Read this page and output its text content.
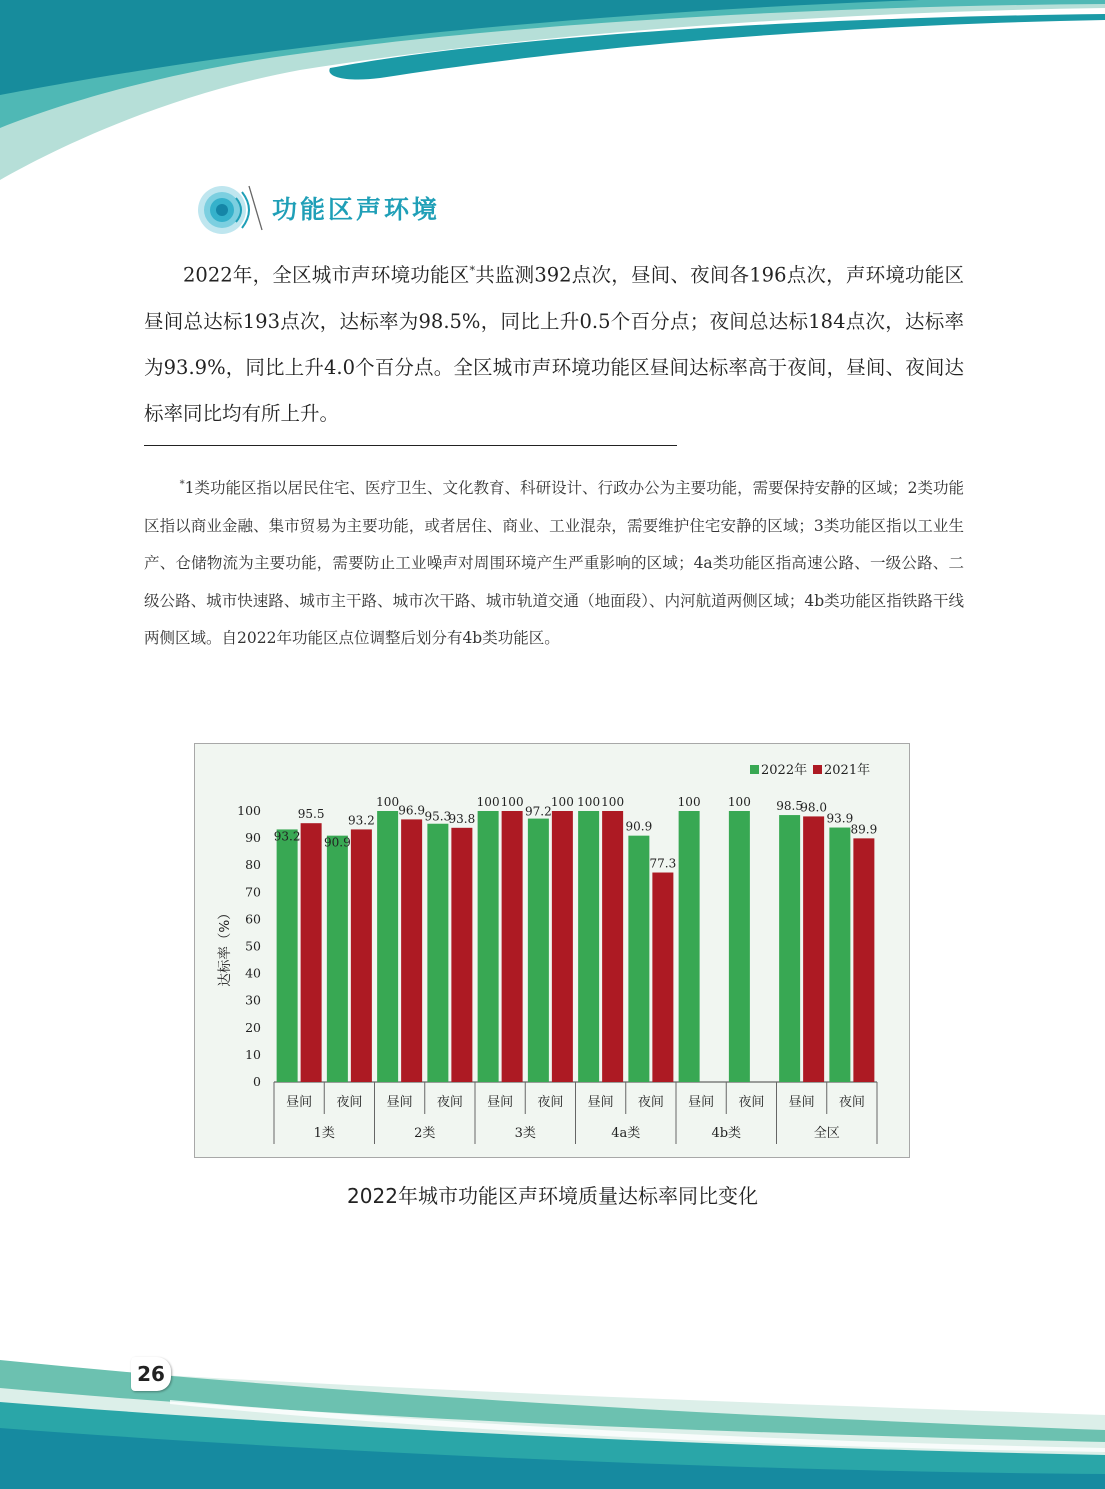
功能区声环境

2022年，全区城市声环境功能区*共监测392点次，昼间、夜间各196点次，声环境功能区昼间总达标193点次，达标率为98.5%，同比上升0.5个百分点；夜间总达标184点次，达标率为93.9%，同比上升4.0个百分点。全区城市声环境功能区昼间达标率高于夜间，昼间、夜间达标率同比均有所上升。

*1类功能区指以居民住宅、医疗卫生、文化教育、科研设计、行政办公为主要功能，需要保持安静的区域；2类功能区指以商业金融、集市贸易为主要功能，或者居住、商业、工业混杂，需要维护住宅安静的区域；3类功能区指以工业生产、仓储物流为主要功能，需要防止工业噪声对周围环境产生严重影响的区域；4a类功能区指高速公路、一级公路、二级公路、城市快速路、城市主干路、城市次干路、城市轨道交通（地面段）、内河航道两侧区域；4b类功能区指铁路干线两侧区域。自2022年功能区点位调整后划分有4b类功能区。

0
10
20
30
40
50
60
70
80
90
100
达标率（%）
93.2
95.5
昼间
90.9
93.2
夜间
1类
100
96.9
昼间
95.3
93.8
夜间
2类
100 100
昼间
97.2
100
夜间
3类
100 100
昼间
90.9
77.3
夜间
4a类
100
昼间
100
夜间
4b类
98.5
98.0
昼间
93.9
89.9
夜间
全区
2022年 2021年
2022年城市功能区声环境质量达标率同比变化
26
